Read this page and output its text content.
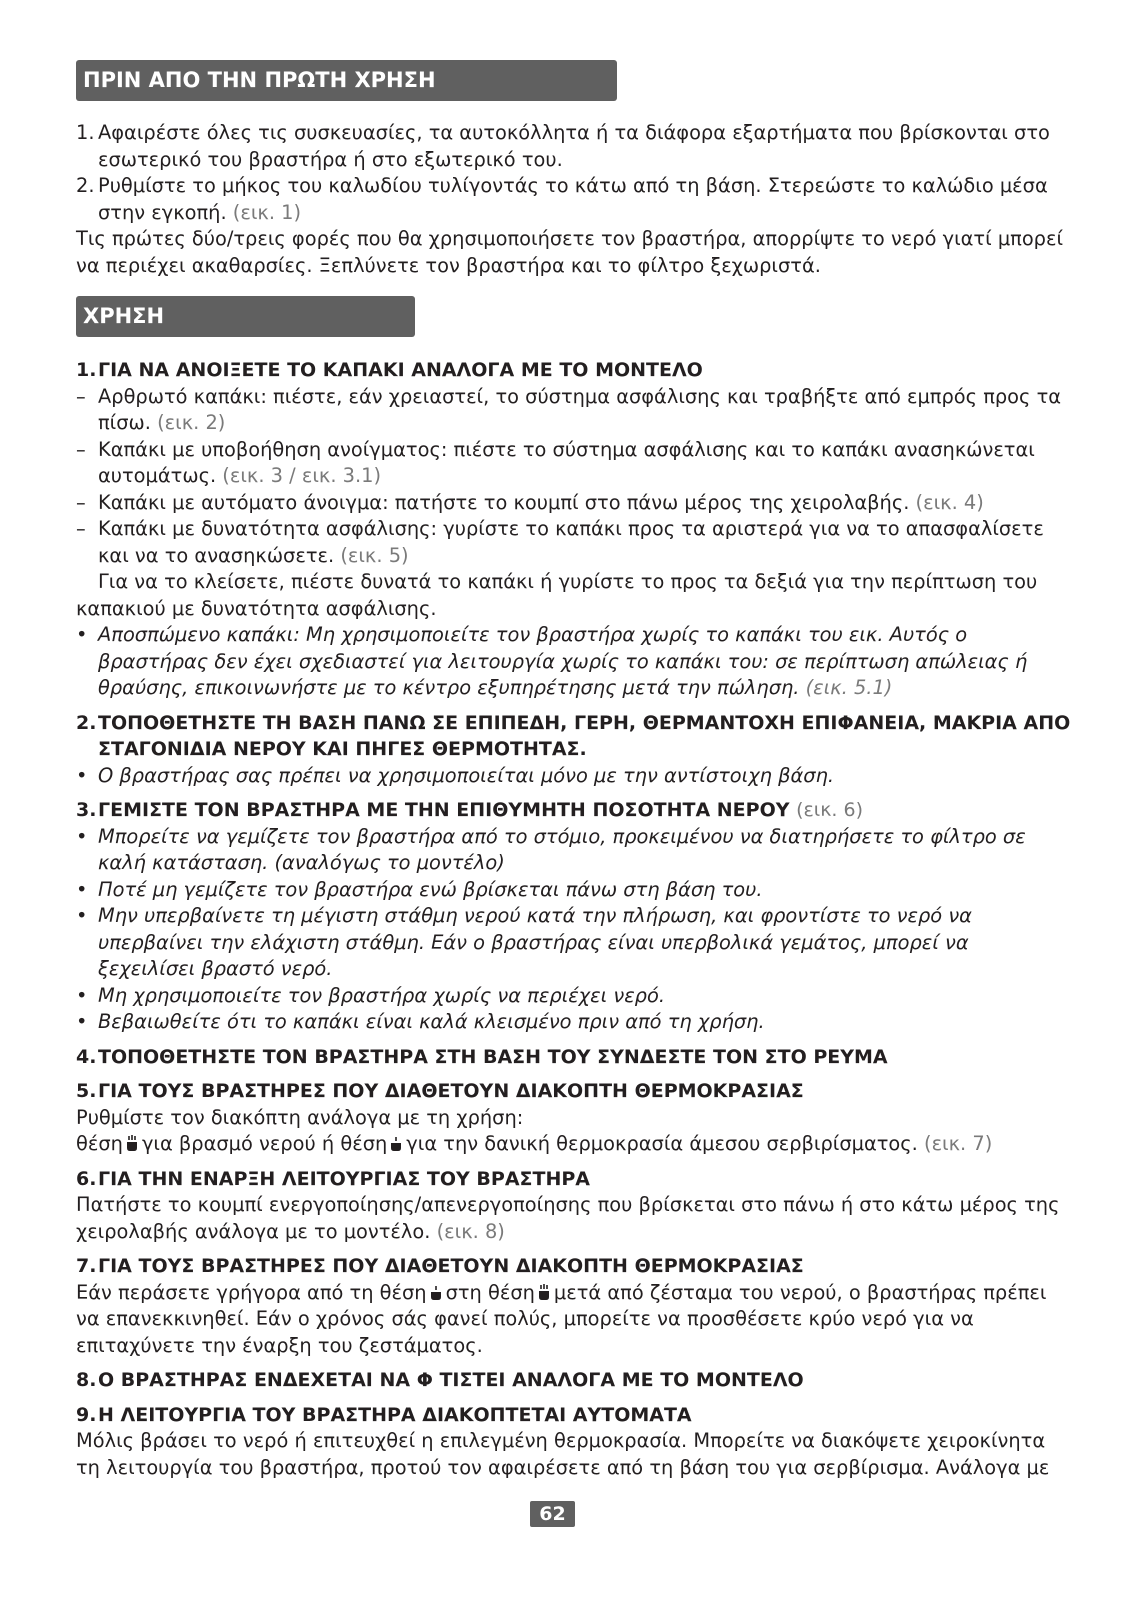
ΠΡΙΝ ΑΠΟ ΤΗΝ ΠΡΩΤΗ ΧΡΗΣΗ
1. Αφαιρέστε όλες τις συσκευασίες, τα αυτοκόλλητα ή τα διάφορα εξαρτήματα που βρίσκονται στο εσωτερικό του βραστήρα ή στο εξωτερικό του.
2. Ρυθμίστε το μήκος του καλωδίου τυλίγοντάς το κάτω από τη βάση. Στερεώστε το καλώδιο μέσα στην εγκοπή. (εικ. 1)

Τις πρώτες δύο/τρεις φορές που θα χρησιμοποιήσετε τον βραστήρα, απορρίψτε το νερό γιατί μπορεί να περιέχει ακαθαρσίες. Ξεπλύνετε τον βραστήρα και το φίλτρο ξεχωριστά.

ΧΡΗΣΗ
1. ΓΙΑ ΝΑ ΑΝΟΙΞΕΤΕ ΤΟ ΚΑΠΑΚΙ ΑΝΑΛΟΓΑ ΜΕ ΤΟ ΜΟΝΤΕΛΟ
– Αρθρωτό καπάκι: πιέστε, εάν χρειαστεί, το σύστημα ασφάλισης και τραβήξτε από εμπρός προς τα πίσω. (εικ. 2)
– Καπάκι με υποβοήθηση ανοίγματος: πιέστε το σύστημα ασφάλισης και το καπάκι ανασηκώνεται αυτομάτως. (εικ. 3 / εικ. 3.1)
– Καπάκι με αυτόματο άνοιγμα: πατήστε το κουμπί στο πάνω μέρος της χειρολαβής. (εικ. 4)
– Καπάκι με δυνατότητα ασφάλισης: γυρίστε το καπάκι προς τα αριστερά για να το απασφαλίσετε και να το ανασηκώσετε. (εικ. 5)

Για να το κλείσετε, πιέστε δυνατά το καπάκι ή γυρίστε το προς τα δεξιά για την περίπτωση του καπακιού με δυνατότητα ασφάλισης.

• Αποσπώμενο καπάκι: Μη χρησιμοποιείτε τον βραστήρα χωρίς το καπάκι του εικ. Αυτός ο βραστήρας δεν έχει σχεδιαστεί για λειτουργία χωρίς το καπάκι του: σε περίπτωση απώλειας ή θραύσης, επικοινωνήστε με το κέντρο εξυπηρέτησης μετά την πώληση. (εικ. 5.1)
2. ΤΟΠΟΘΕΤΗΣΤΕ ΤΗ ΒΑΣΗ ΠΑΝΩ ΣΕ ΕΠΙΠΕΔΗ, ΓΕΡΗ, ΘΕΡΜΑΝΤΟΧΗ ΕΠΙΦΑΝΕΙΑ, ΜΑΚΡΙΑ ΑΠΟ ΣΤΑΓΟΝΙΔΙΑ ΝΕΡΟΥ ΚΑΙ ΠΗΓΕΣ ΘΕΡΜΟΤΗΤΑΣ.
• Ο βραστήρας σας πρέπει να χρησιμοποιείται μόνο με την αντίστοιχη βάση.
3. ΓΕΜΙΣΤΕ ΤΟΝ ΒΡΑΣΤΗΡΑ ΜΕ ΤΗΝ ΕΠΙΘΥΜΗΤΗ ΠΟΣΟΤΗΤΑ ΝΕΡΟΥ (εικ. 6)
• Μπορείτε να γεμίζετε τον βραστήρα από το στόμιο, προκειμένου να διατηρήσετε το φίλτρο σε καλή κατάσταση. (αναλόγως το μοντέλο)
• Ποτέ μη γεμίζετε τον βραστήρα ενώ βρίσκεται πάνω στη βάση του.
• Μην υπερβαίνετε τη μέγιστη στάθμη νερού κατά την πλήρωση, και φροντίστε το νερό να υπερβαίνει την ελάχιστη στάθμη. Εάν ο βραστήρας είναι υπερβολικά γεμάτος, μπορεί να ξεχειλίσει βραστό νερό.
• Μη χρησιμοποιείτε τον βραστήρα χωρίς να περιέχει νερό.
• Βεβαιωθείτε ότι το καπάκι είναι καλά κλεισμένο πριν από τη χρήση.
4. ΤΟΠΟΘΕΤΗΣΤΕ ΤΟΝ ΒΡΑΣΤΗΡΑ ΣΤΗ ΒΑΣΗ ΤΟΥ ΣΥΝΔΕΣΤΕ ΤΟΝ ΣΤΟ ΡΕΥΜΑ
5. ΓΙΑ ΤΟΥΣ ΒΡΑΣΤΗΡΕΣ ΠΟΥ ΔΙΑΘΕΤΟΥΝ ΔΙΑΚΟΠΤΗ ΘΕΡΜΟΚΡΑΣΙΑΣ

Ρυθμίστε τον διακόπτη ανάλογα με τη χρήση:

θέση για βρασμό νερού ή θέση για την δανική θερμοκρασία άμεσου σερβιρίσματος. (εικ. 7)

6. ΓΙΑ ΤΗΝ ΕΝΑΡΞΗ ΛΕΙΤΟΥΡΓΙΑΣ ΤΟΥ ΒΡΑΣΤΗΡΑ

Πατήστε το κουμπί ενεργοποίησης/απενεργοποίησης που βρίσκεται στο πάνω ή στο κάτω μέρος της χειρολαβής ανάλογα με το μοντέλο. (εικ. 8)

7. ΓΙΑ ΤΟΥΣ ΒΡΑΣΤΗΡΕΣ ΠΟΥ ΔΙΑΘΕΤΟΥΝ ΔΙΑΚΟΠΤΗ ΘΕΡΜΟΚΡΑΣΙΑΣ

Εάν περάσετε γρήγορα από τη θέση στη θέση μετά από ζέσταμα του νερού, ο βραστήρας πρέπει να επανεκκινηθεί. Εάν ο χρόνος σάς φανεί πολύς, μπορείτε να προσθέσετε κρύο νερό για να επιταχύνετε την έναρξη του ζεστάματος.

8. Ο ΒΡΑΣΤΗΡΑΣ ΕΝΔΕΧΕΤΑΙ ΝΑ Φ ΤΙΣΤΕΙ ΑΝΑΛΟΓΑ ΜΕ ΤΟ ΜΟΝΤΕΛΟ
9. Η ΛΕΙΤΟΥΡΓΙΑ ΤΟΥ ΒΡΑΣΤΗΡΑ ΔΙΑΚΟΠΤΕΤΑΙ ΑΥΤΟΜΑΤΑ

Μόλις βράσει το νερό ή επιτευχθεί η επιλεγμένη θερμοκρασία. Μπορείτε να διακόψετε χειροκίνητα τη λειτουργία του βραστήρα, προτού τον αφαιρέσετε από τη βάση του για σερβίρισμα. Ανάλογα με

62
